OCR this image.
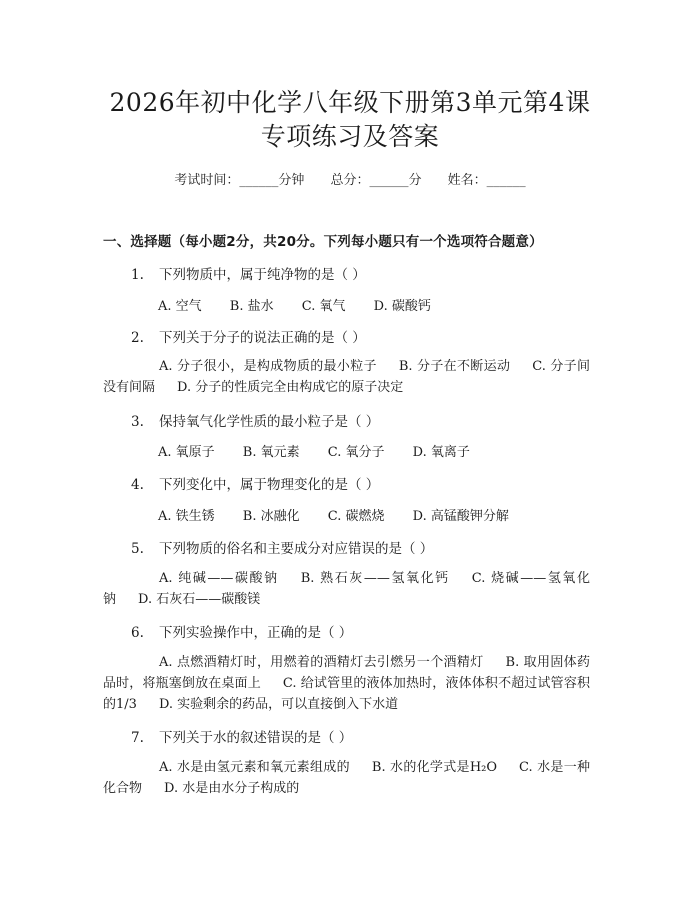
2026年初中化学八年级下册第3单元第4课
专项练习及答案
考试时间：______分钟 总分：______分 姓名：______
一、选择题（每小题2分，共20分。下列每小题只有一个选项符合题意）
1. 下列物质中，属于纯净物的是（ ）
A. 空气 B. 盐水 C. 氧气 D. 碳酸钙
2. 下列关于分子的说法正确的是（ ）
A. 分子很小，是构成物质的最小粒子 B. 分子在不断运动 C. 分子间没有间隔 D. 分子的性质完全由构成它的原子决定
3. 保持氧气化学性质的最小粒子是（ ）
A. 氧原子 B. 氧元素 C. 氧分子 D. 氧离子
4. 下列变化中，属于物理变化的是（ ）
A. 铁生锈 B. 冰融化 C. 碳燃烧 D. 高锰酸钾分解
5. 下列物质的俗名和主要成分对应错误的是（ ）
A. 纯碱——碳酸钠 B. 熟石灰——氢氧化钙 C. 烧碱——氢氧化钠 D. 石灰石——碳酸镁
6. 下列实验操作中，正确的是（ ）
A. 点燃酒精灯时，用燃着的酒精灯去引燃另一个酒精灯 B. 取用固体药品时，将瓶塞倒放在桌面上 C. 给试管里的液体加热时，液体体积不超过试管容积的1/3 D. 实验剩余的药品，可以直接倒入下水道
7. 下列关于水的叙述错误的是（ ）
A. 水是由氢元素和氧元素组成的 B. 水的化学式是H₂O C. 水是一种化合物 D. 水是由水分子构成的
